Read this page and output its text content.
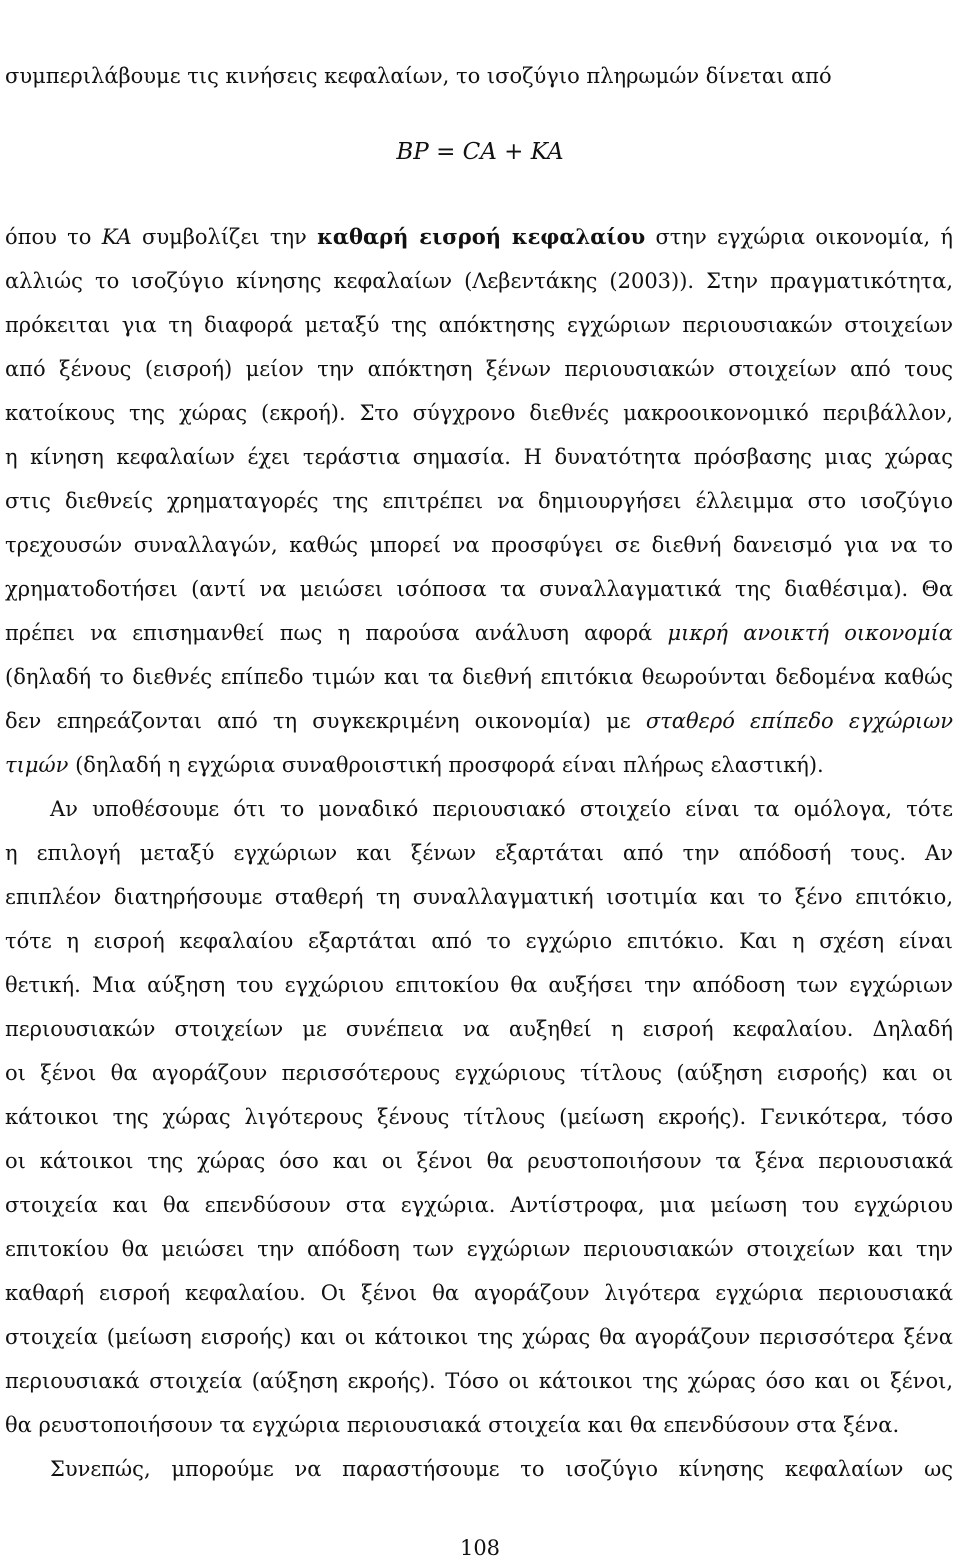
συμπεριλάβουμε τις κινήσεις κεφαλαίων, το ισοζύγιο πληρωμών δίνεται από
BP = CA + KA
όπου το KA συμβολίζει την καθαρή εισροή κεφαλαίου στην εγχώρια οικονομία, ή
αλλιώς το ισοζύγιο κίνησης κεφαλαίων (Λεβεντάκης (2003)). Στην πραγματικότητα,
πρόκειται για τη διαφορά μεταξύ της απόκτησης εγχώριων περιουσιακών στοιχείων
από ξένους (εισροή) μείον την απόκτηση ξένων περιουσιακών στοιχείων από τους
κατοίκους της χώρας (εκροή). Στο σύγχρονο διεθνές μακροοικονομικό περιβάλλον,
η κίνηση κεφαλαίων έχει τεράστια σημασία. Η δυνατότητα πρόσβασης μιας χώρας
στις διεθνείς χρηματαγορές της επιτρέπει να δημιουργήσει έλλειμμα στο ισοζύγιο
τρεχουσών συναλλαγών, καθώς μπορεί να προσφύγει σε διεθνή δανεισμό για να το
χρηματοδοτήσει (αντί να μειώσει ισόποσα τα συναλλαγματικά της διαθέσιμα). Θα
πρέπει να επισημανθεί πως η παρούσα ανάλυση αφορά μικρή ανοικτή οικονομία
(δηλαδή το διεθνές επίπεδο τιμών και τα διεθνή επιτόκια θεωρούνται δεδομένα καθώς
δεν επηρεάζονται από τη συγκεκριμένη οικονομία) με σταθερό επίπεδο εγχώριων
τιμών (δηλαδή η εγχώρια συναθροιστική προσφορά είναι πλήρως ελαστική).
Αν υποθέσουμε ότι το μοναδικό περιουσιακό στοιχείο είναι τα ομόλογα, τότε
η επιλογή μεταξύ εγχώριων και ξένων εξαρτάται από την απόδοσή τους. Αν
επιπλέον διατηρήσουμε σταθερή τη συναλλαγματική ισοτιμία και το ξένο επιτόκιο,
τότε η εισροή κεφαλαίου εξαρτάται από το εγχώριο επιτόκιο. Και η σχέση είναι
θετική. Μια αύξηση του εγχώριου επιτοκίου θα αυξήσει την απόδοση των εγχώριων
περιουσιακών στοιχείων με συνέπεια να αυξηθεί η εισροή κεφαλαίου. Δηλαδή
οι ξένοι θα αγοράζουν περισσότερους εγχώριους τίτλους (αύξηση εισροής) και οι
κάτοικοι της χώρας λιγότερους ξένους τίτλους (μείωση εκροής). Γενικότερα, τόσο
οι κάτοικοι της χώρας όσο και οι ξένοι θα ρευστοποιήσουν τα ξένα περιουσιακά
στοιχεία και θα επενδύσουν στα εγχώρια. Αντίστροφα, μια μείωση του εγχώριου
επιτοκίου θα μειώσει την απόδοση των εγχώριων περιουσιακών στοιχείων και την
καθαρή εισροή κεφαλαίου. Οι ξένοι θα αγοράζουν λιγότερα εγχώρια περιουσιακά
στοιχεία (μείωση εισροής) και οι κάτοικοι της χώρας θα αγοράζουν περισσότερα ξένα
περιουσιακά στοιχεία (αύξηση εκροής). Τόσο οι κάτοικοι της χώρας όσο και οι ξένοι,
θα ρευστοποιήσουν τα εγχώρια περιουσιακά στοιχεία και θα επενδύσουν στα ξένα.
Συνεπώς, μπορούμε να παραστήσουμε το ισοζύγιο κίνησης κεφαλαίων ως
108
